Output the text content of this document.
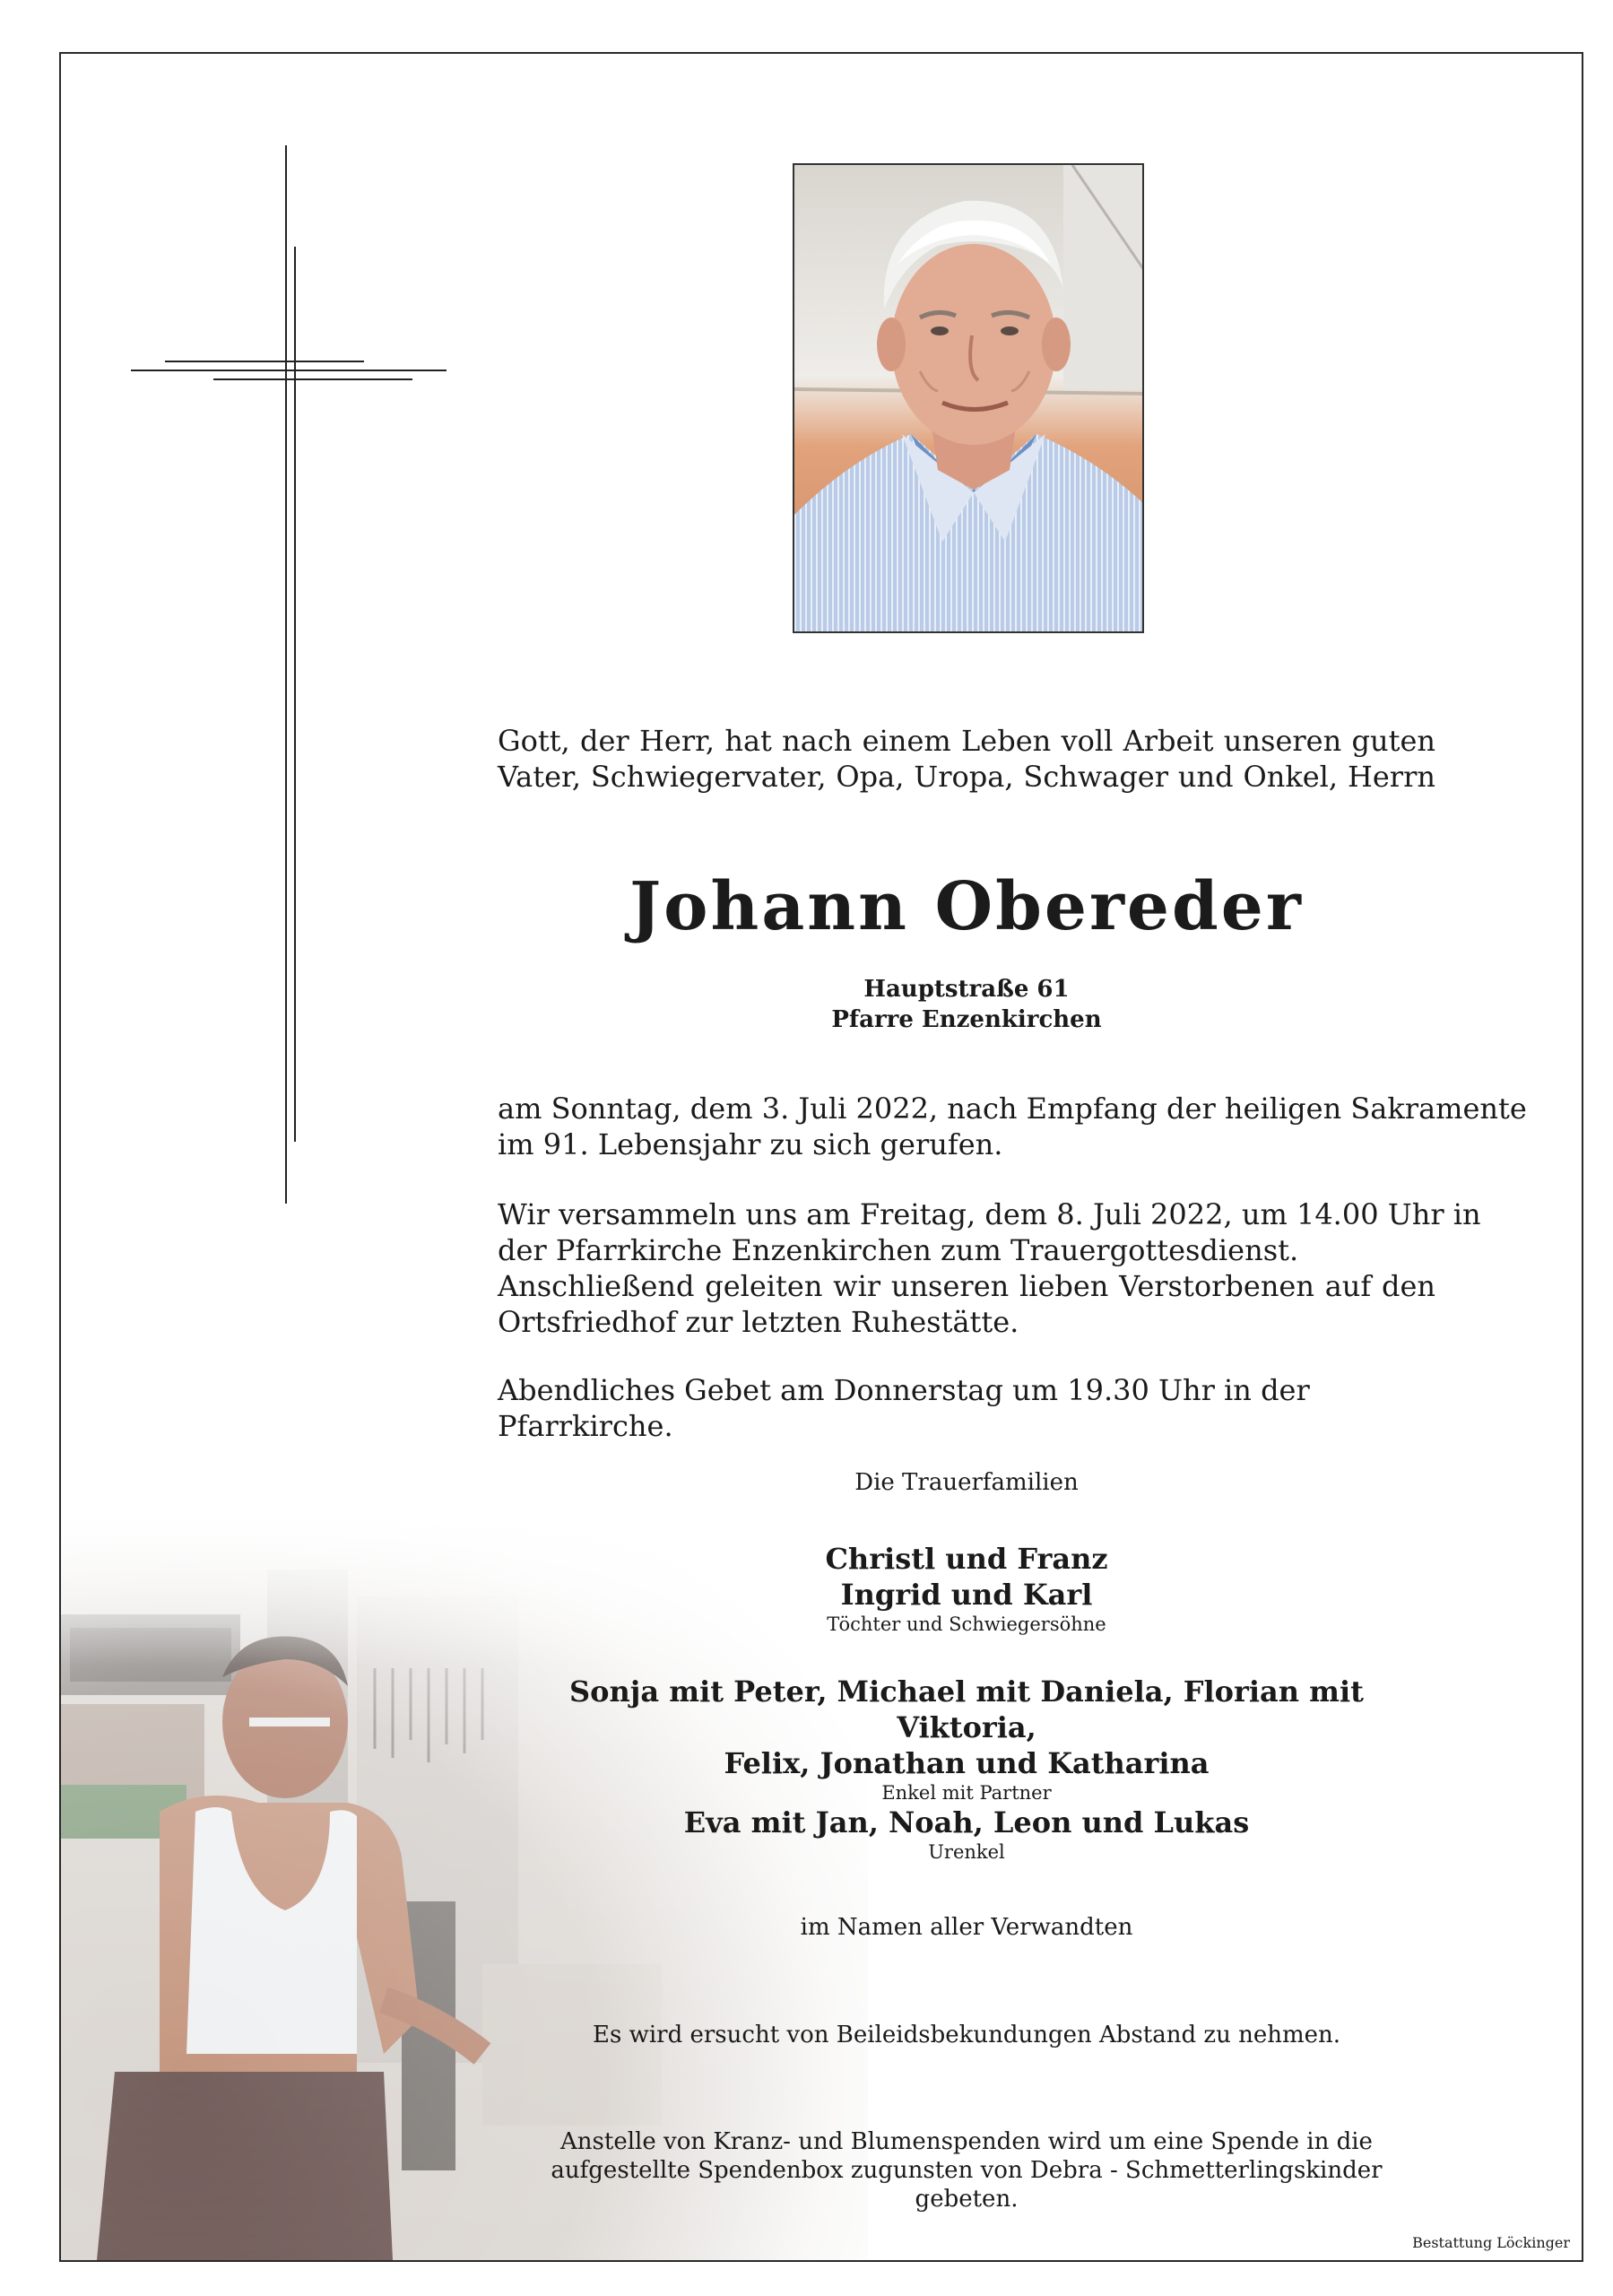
Gott, der Herr, hat nach einem Leben voll Arbeit unseren guten
Vater, Schwiegervater, Opa, Uropa, Schwager und Onkel, Herrn
Johann Obereder
Hauptstraße 61
Pfarre Enzenkirchen
am Sonntag, dem 3. Juli 2022, nach Empfang der heiligen Sakramente
im 91. Lebensjahr zu sich gerufen.
Wir versammeln uns am Freitag, dem 8. Juli 2022, um 14.00 Uhr in
der Pfarrkirche Enzenkirchen zum Trauergottesdienst.
Anschließend geleiten wir unseren lieben Verstorbenen auf den
Ortsfriedhof zur letzten Ruhestätte.
Abendliches Gebet am Donnerstag um 19.30 Uhr in der Pfarrkirche.
Die Trauerfamilien
Christl und Franz
Ingrid und Karl
Töchter und Schwiegersöhne
Sonja mit Peter, Michael mit Daniela, Florian mit Viktoria,
Felix, Jonathan und Katharina
Enkel mit Partner
Eva mit Jan, Noah, Leon und Lukas
Urenkel
im Namen aller Verwandten
Es wird ersucht von Beileidsbekundungen Abstand zu nehmen.
Anstelle von Kranz- und Blumenspenden wird um eine Spende in die
aufgestellte Spendenbox zugunsten von Debra - Schmetterlingskinder gebeten.
Bestattung Löckinger
